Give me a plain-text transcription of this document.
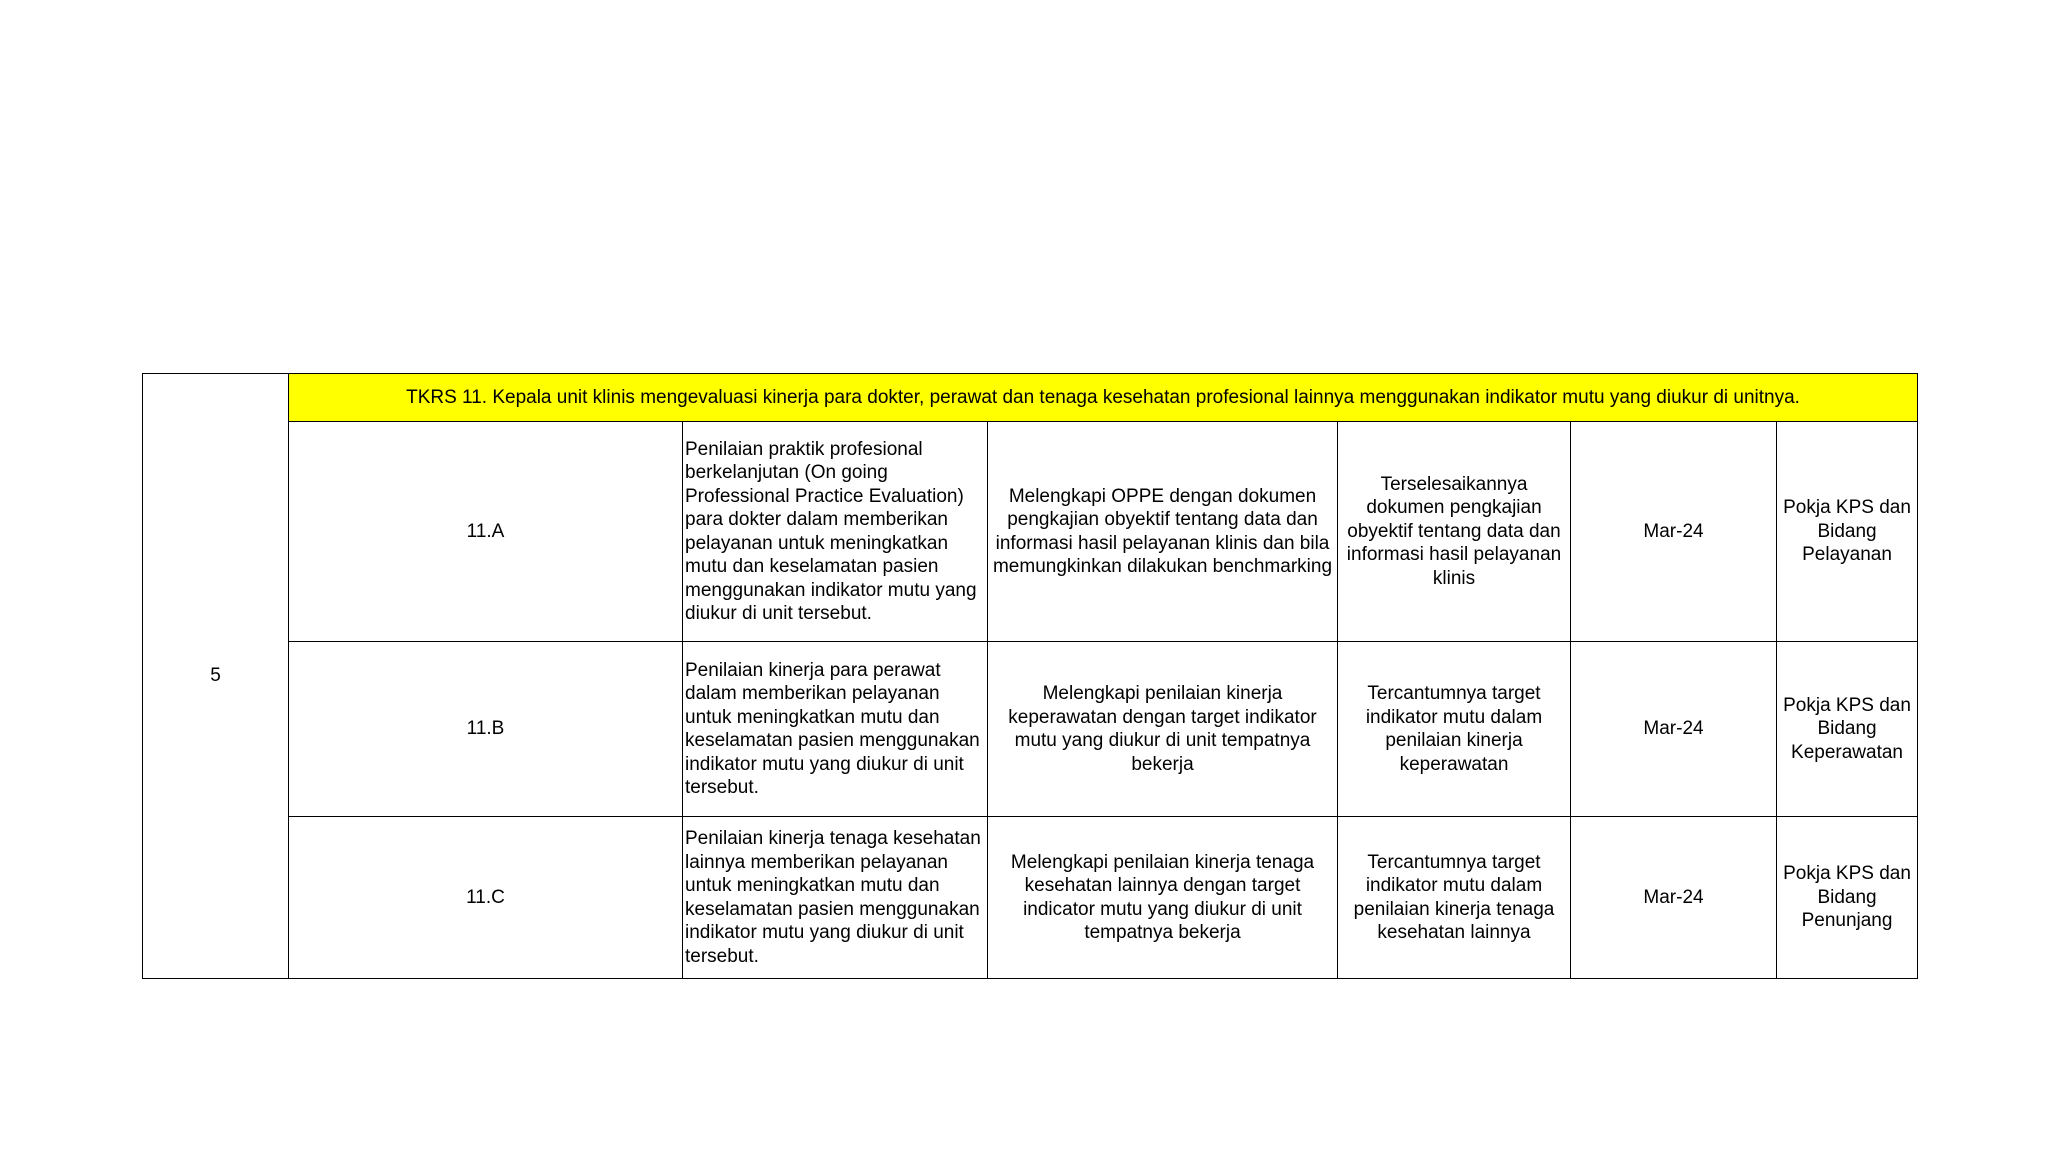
5	TKRS 11. Kepala unit klinis mengevaluasi kinerja para dokter, perawat dan tenaga kesehatan profesional lainnya menggunakan indikator mutu yang diukur di unitnya.					
	11.A	Penilaian praktik profesional berkelanjutan (On going Professional Practice Evaluation) para dokter dalam memberikan pelayanan untuk meningkatkan mutu dan keselamatan pasien menggunakan indikator mutu yang diukur di unit tersebut.	Melengkapi OPPE dengan dokumen pengkajian obyektif tentang data dan informasi hasil pelayanan klinis dan bila memungkinkan dilakukan benchmarking	Terselesaikannya dokumen pengkajian obyektif tentang data dan informasi hasil pelayanan klinis	Mar-24	Pokja KPS dan Bidang Pelayanan
	11.B	Penilaian kinerja para perawat dalam memberikan pelayanan untuk meningkatkan mutu dan keselamatan pasien menggunakan indikator mutu yang diukur di unit tersebut.	Melengkapi penilaian kinerja keperawatan dengan target indikator mutu yang diukur di unit tempatnya bekerja	Tercantumnya target indikator mutu dalam penilaian kinerja keperawatan	Mar-24	Pokja KPS dan Bidang Keperawatan
	11.C	Penilaian kinerja tenaga kesehatan lainnya memberikan pelayanan untuk meningkatkan mutu dan keselamatan pasien menggunakan indikator mutu yang diukur di unit tersebut.	Melengkapi penilaian kinerja tenaga kesehatan lainnya dengan target indicator mutu yang diukur di unit tempatnya bekerja	Tercantumnya target indikator mutu dalam penilaian kinerja tenaga kesehatan lainnya	Mar-24	Pokja KPS dan Bidang Penunjang
